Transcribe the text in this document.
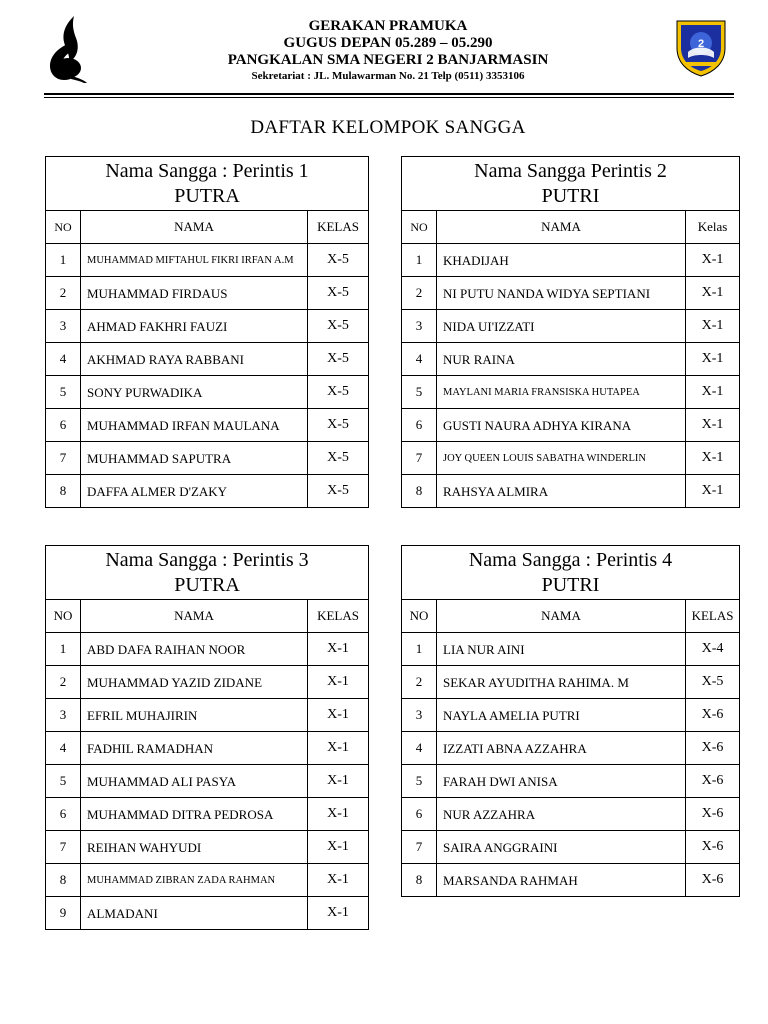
GERAKAN PRAMUKA
GUGUS DEPAN 05.289 – 05.290
PANGKALAN SMA NEGERI 2 BANJARMASIN
Sekretariat : JL. Mulawarman No. 21 Telp (0511) 3353106
2
DAFTAR KELOMPOK SANGGA
Nama Sangga : Perintis 1
PUTRA		

NO	NAMA	KELAS
1	MUHAMMAD MIFTAHUL FIKRI IRFAN A.M	X-5
2	MUHAMMAD FIRDAUS	X-5
3	AHMAD FAKHRI FAUZI	X-5
4	AKHMAD RAYA RABBANI	X-5
5	SONY PURWADIKA	X-5
6	MUHAMMAD IRFAN MAULANA	X-5
7	MUHAMMAD SAPUTRA	X-5
8	DAFFA ALMER D'ZAKY	X-5
Nama Sangga Perintis 2
PUTRI		

NO	NAMA	Kelas
1	KHADIJAH	X-1
2	NI PUTU NANDA WIDYA SEPTIANI	X-1
3	NIDA UI'IZZATI	X-1
4	NUR RAINA	X-1
5	MAYLANI MARIA FRANSISKA HUTAPEA	X-1
6	GUSTI NAURA ADHYA KIRANA	X-1
7	JOY QUEEN LOUIS SABATHA WINDERLIN	X-1
8	RAHSYA ALMIRA	X-1
Nama Sangga : Perintis 3
PUTRA		

NO	NAMA	KELAS
1	ABD DAFA RAIHAN NOOR	X-1
2	MUHAMMAD YAZID ZIDANE	X-1
3	EFRIL MUHAJIRIN	X-1
4	FADHIL RAMADHAN	X-1
5	MUHAMMAD ALI PASYA	X-1
6	MUHAMMAD DITRA PEDROSA	X-1
7	REIHAN WAHYUDI	X-1
8	MUHAMMAD ZIBRAN ZADA RAHMAN	X-1
9	ALMADANI	X-1
Nama Sangga : Perintis 4
PUTRI		

NO	NAMA	KELAS
1	LIA NUR AINI	X-4
2	SEKAR AYUDITHA RAHIMA. M	X-5
3	NAYLA AMELIA PUTRI	X-6
4	IZZATI ABNA AZZAHRA	X-6
5	FARAH DWI ANISA	X-6
6	NUR AZZAHRA	X-6
7	SAIRA ANGGRAINI	X-6
8	MARSANDA RAHMAH	X-6
